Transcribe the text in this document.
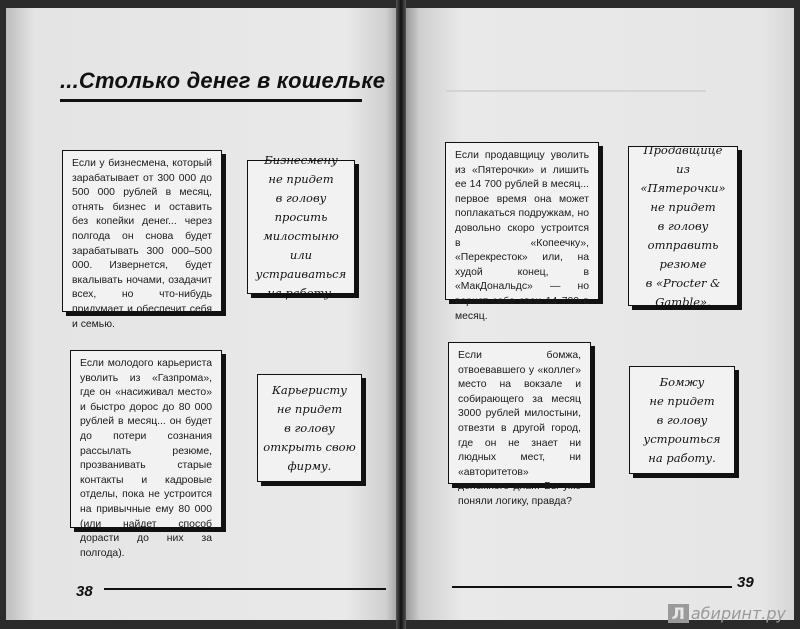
...Столько денег в кошельке
Если у бизнесмена, который зарабатывает от 300 000 до 500 000 рублей в месяц, отнять бизнес и оставить без копейки денег... через полгода он снова будет зарабатывать 300 000–500 000. Извернется, будет вкалывать ночами, озадачит всех, но что-нибудь придумает и обеспечит себя и семью.
Бизнесмену
не придет
в голову просить
милостыню или
устраиваться
на работу.
Если молодого карьериста уволить из «Газпрома», где он «насиживал место» и быстро дорос до 80 000 рублей в месяц... он будет до потери сознания рассылать резюме, прозванивать старые контакты и кадровые отделы, пока не устроится на привычные ему 80 000 (или найдет способ дорасти до них за полгода).
Карьеристу
не придет
в голову
открыть свою
фирму.
38
Если продавщицу уволить из «Пятерочки» и лишить ее 14 700 рублей в месяц... первое время она может поплакаться подружкам, но довольно скоро устроится в «Копеечку», «Перекресток» или, на худой конец, в «МакДональдс» — но вернет себе свои 14 700 в месяц.
Продавщице
из «Пятерочки»
не придет
в голову
отправить
резюме
в «Procter &
Gamble».
Если бомжа, отвоевавшего у «коллег» место на вокзале и собирающего за месяц 3000 рублей милостыни, отвезти в другой город, где он не знает ни людных мест, ни «авторитетов» денежного дна... Вы уже поняли логику, правда?
Бомжу
не придет
в голову
устроиться
на работу.
39
Л абиринт.ру
